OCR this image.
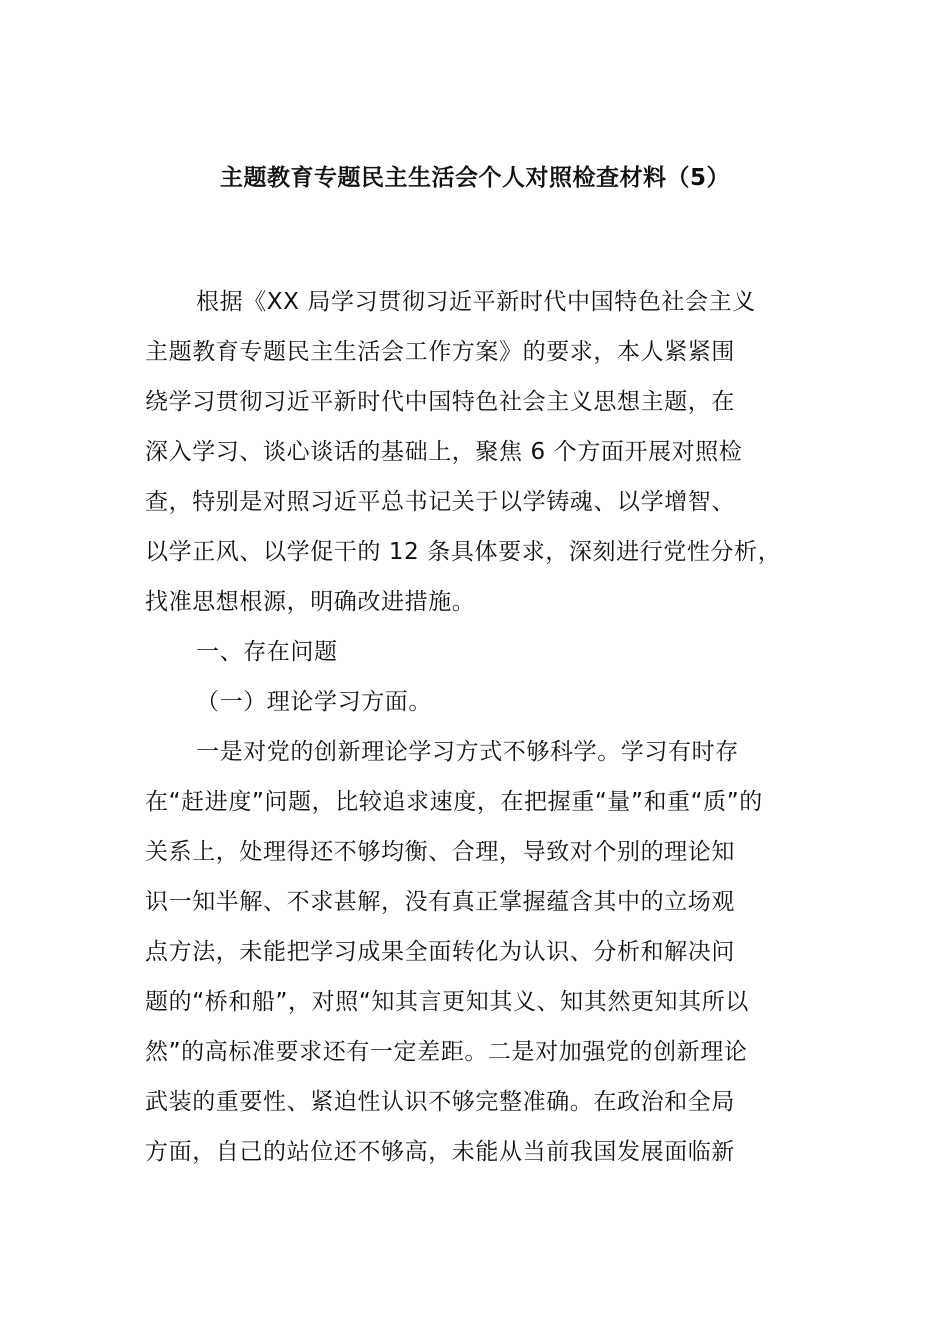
主题教育专题民主生活会个人对照检查材料（5）
根据《XX 局学习贯彻习近平新时代中国特色社会主义
主题教育专题民主生活会工作方案》的要求，本人紧紧围
绕学习贯彻习近平新时代中国特色社会主义思想主题，在
深入学习、谈心谈话的基础上，聚焦 6 个方面开展对照检
查，特别是对照习近平总书记关于以学铸魂、以学增智、
以学正风、以学促干的 12 条具体要求，深刻进行党性分析，
找准思想根源，明确改进措施。
一、存在问题
（一）理论学习方面。
一是对党的创新理论学习方式不够科学。学习有时存
在“赶进度”问题，比较追求速度，在把握重“量”和重“质”的
关系上，处理得还不够均衡、合理，导致对个别的理论知
识一知半解、不求甚解，没有真正掌握蕴含其中的立场观
点方法，未能把学习成果全面转化为认识、分析和解决问
题的“桥和船”，对照“知其言更知其义、知其然更知其所以
然”的高标准要求还有一定差距。二是对加强党的创新理论
武装的重要性、紧迫性认识不够完整准确。在政治和全局
方面，自己的站位还不够高，未能从当前我国发展面临新
